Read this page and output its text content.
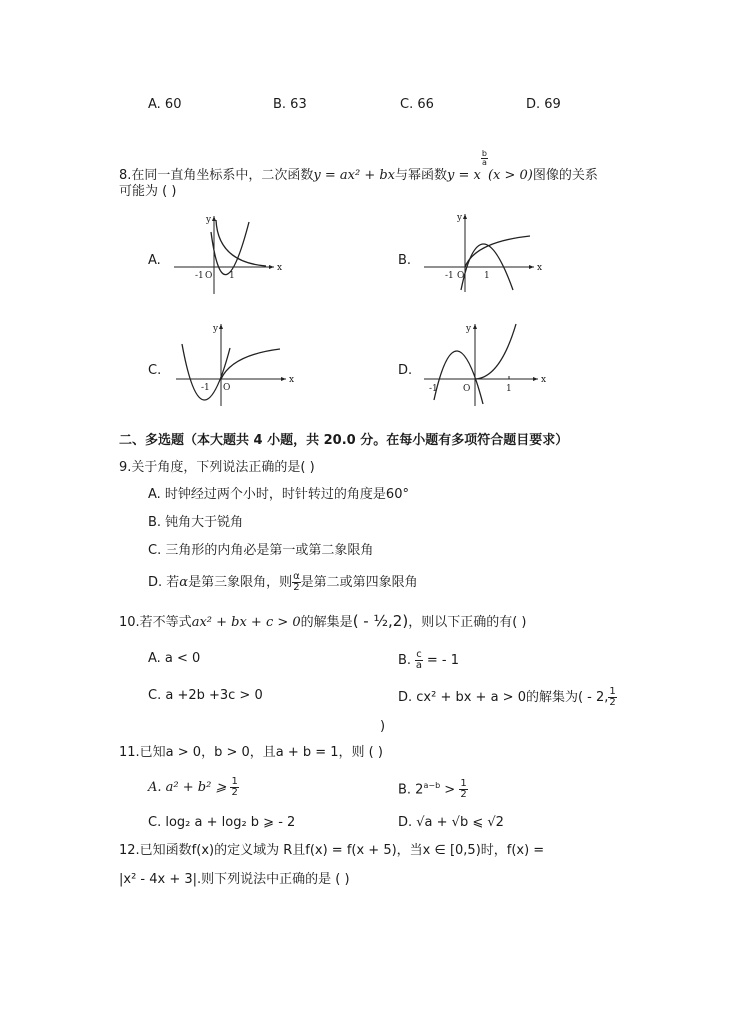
A. 60	B. 63	C. 66	D. 69
8.在同一直角坐标系中，二次函数y = ax² + bx与幂函数y = x
$\frac{b}{a}$
(x > 0)图像的关系
可能为 ( )
A.	B.
C.	D.
x
y
-1 O 1
x
y
-1 O 1
x
y
-1 O
x
y
-1	O	1
二、多选题（本大题共 4 小题，共 20.0 分。在每小题有多项符合题目要求）
9.关于角度，下列说法正确的是( )
A. 时钟经过两个小时，时针转过的角度是60°
B. 钝角大于锐角
C. 三角形的内角必是第一或第二象限角
D. 若α是第三象限角，则 $\frac{\alpha}{2}$ 是第二或第四象限角
10.若不等式ax² + bx + c > 0的解集是( - ½,2)，则以下正确的有( )
A. a < 0	B. $\frac{c}{a}$ = - 1
C. a +2b +3c > 0	D. cx² + bx + a > 0的解集为( - 2, $\frac{1}{2}$
)
11.已知a > 0，b > 0，且a + b = 1，则 ( )
A. a² + b² ⩾ $\frac{1}{2}$	B. $2^{a-b} > \frac{1}{2}$
C. log₂ a + log₂ b ⩾ - 2	D. √a + √b ⩽ √2
12.已知函数f(x)的定义域为 R且f(x) = f(x + 5)，当x ∈ [0,5)时，f(x) =
|x² - 4x + 3|.则下列说法中正确的是 ( )
